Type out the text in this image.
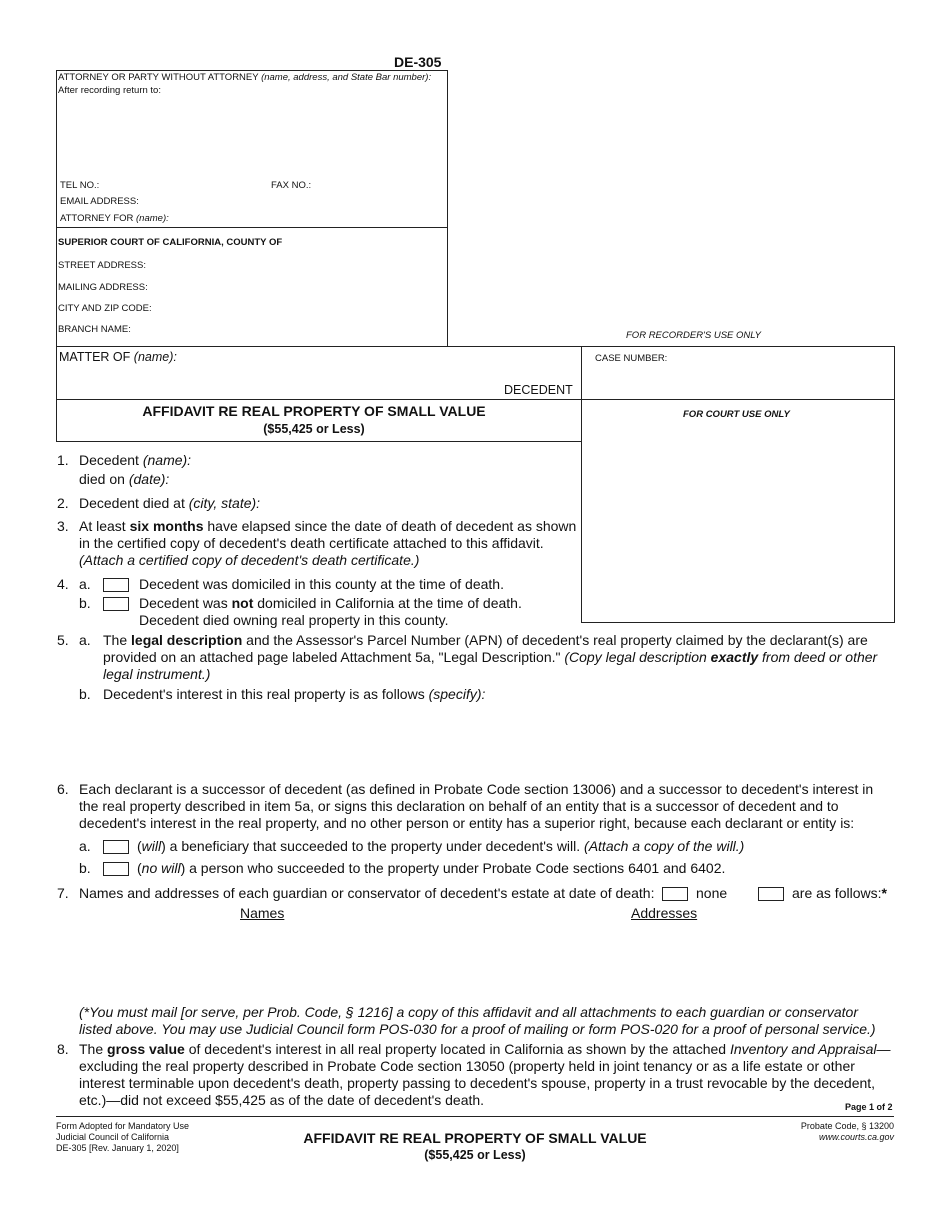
DE-305
ATTORNEY OR PARTY WITHOUT ATTORNEY (name, address, and State Bar number):
After recording return to:
TEL NO.:	FAX NO.:
EMAIL ADDRESS:
ATTORNEY FOR (name):
SUPERIOR COURT OF CALIFORNIA, COUNTY OF
STREET ADDRESS:
MAILING ADDRESS:
CITY AND ZIP CODE:
BRANCH NAME:
FOR RECORDER'S USE ONLY
MATTER OF (name):
DECEDENT
CASE NUMBER:
FOR COURT USE ONLY
AFFIDAVIT RE REAL PROPERTY OF SMALL VALUE
($55,425 or Less)
1. Decedent (name):
died on (date):
2. Decedent died at (city, state):
3. At least six months have elapsed since the date of death of decedent as shown
in the certified copy of decedent's death certificate attached to this affidavit.
(Attach a certified copy of decedent's death certificate.)
4. a.	Decedent was domiciled in this county at the time of death.
b.	Decedent was not domiciled in California at the time of death.
Decedent died owning real property in this county.
5. a. The legal description and the Assessor's Parcel Number (APN) of decedent's real property claimed by the declarant(s) are
provided on an attached page labeled Attachment 5a, "Legal Description." (Copy legal description exactly from deed or other
legal instrument.)
b. Decedent's interest in this real property is as follows (specify):
6. Each declarant is a successor of decedent (as defined in Probate Code section 13006) and a successor to decedent's interest in
the real property described in item 5a, or signs this declaration on behalf of an entity that is a successor of decedent and to
decedent's interest in the real property, and no other person or entity has a superior right, because each declarant or entity is:
a.	(will) a beneficiary that succeeded to the property under decedent's will. (Attach a copy of the will.)
b.	(no will) a person who succeeded to the property under Probate Code sections 6401 and 6402.
7. Names and addresses of each guardian or conservator of decedent's estate at date of death:	none	are as follows:*
Names	Addresses
(*You must mail [or serve, per Prob. Code, § 1216] a copy of this affidavit and all attachments to each guardian or conservator
listed above. You may use Judicial Council form POS-030 for a proof of mailing or form POS-020 for a proof of personal service.)
8. The gross value of decedent's interest in all real property located in California as shown by the attached Inventory and Appraisal—
excluding the real property described in Probate Code section 13050 (property held in joint tenancy or as a life estate or other
interest terminable upon decedent's death, property passing to decedent's spouse, property in a trust revocable by the decedent,
etc.)—did not exceed $55,425 as of the date of decedent's death.	Page 1 of 2
Form Adopted for Mandatory Use
Judicial Council of California
DE-305 [Rev. January 1, 2020]
AFFIDAVIT RE REAL PROPERTY OF SMALL VALUE
($55,425 or Less)
Probate Code, § 13200
www.courts.ca.gov
